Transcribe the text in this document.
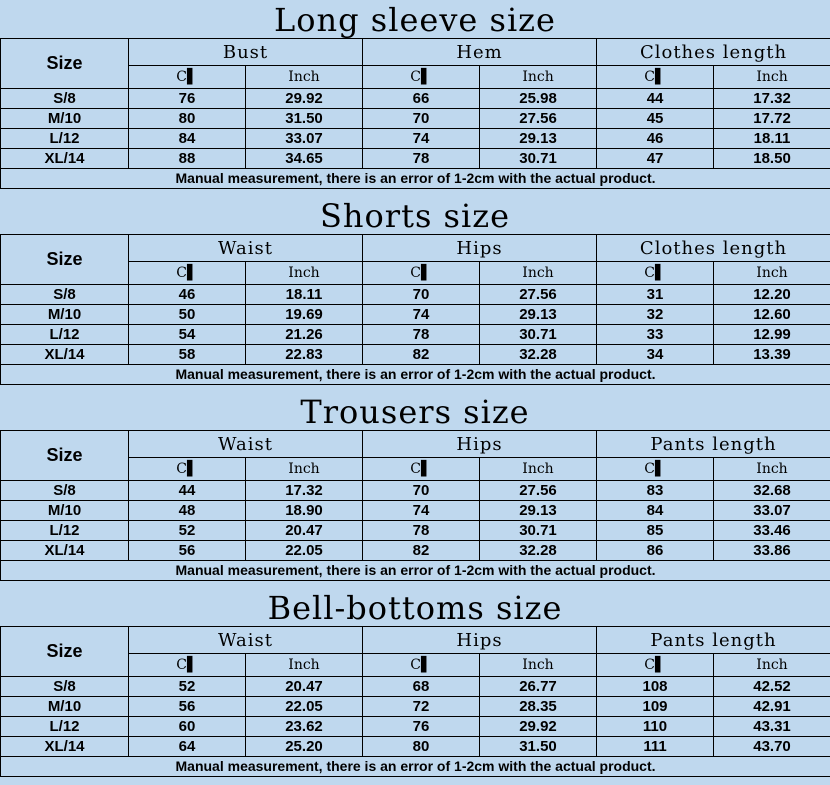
Long sleeve size
Size	Bust		Hem		Clothes length	
	C▌	Inch	C▌	Inch	C▌	Inch
S/8	76	29.92	66	25.98	44	17.32
M/10	80	31.50	70	27.56	45	17.72
L/12	84	33.07	74	29.13	46	18.11
XL/14	88	34.65	78	30.71	47	18.50
Manual measurement, there is an error of 1-2cm with the actual product.						
Shorts size
Size	Waist		Hips		Clothes length	
	C▌	Inch	C▌	Inch	C▌	Inch
S/8	46	18.11	70	27.56	31	12.20
M/10	50	19.69	74	29.13	32	12.60
L/12	54	21.26	78	30.71	33	12.99
XL/14	58	22.83	82	32.28	34	13.39
Manual measurement, there is an error of 1-2cm with the actual product.						
Trousers size
Size	Waist		Hips		Pants length	
	C▌	Inch	C▌	Inch	C▌	Inch
S/8	44	17.32	70	27.56	83	32.68
M/10	48	18.90	74	29.13	84	33.07
L/12	52	20.47	78	30.71	85	33.46
XL/14	56	22.05	82	32.28	86	33.86
Manual measurement, there is an error of 1-2cm with the actual product.						
Bell-bottoms size
Size	Waist		Hips		Pants length	
	C▌	Inch	C▌	Inch	C▌	Inch
S/8	52	20.47	68	26.77	108	42.52
M/10	56	22.05	72	28.35	109	42.91
L/12	60	23.62	76	29.92	110	43.31
XL/14	64	25.20	80	31.50	111	43.70
Manual measurement, there is an error of 1-2cm with the actual product.						
